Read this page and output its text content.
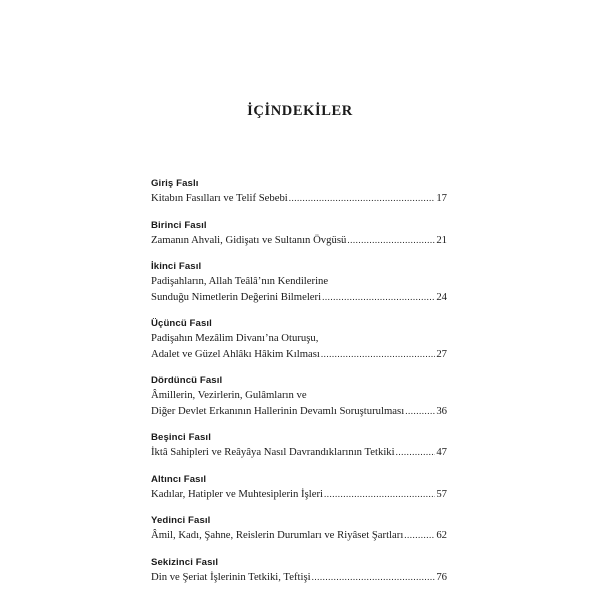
İÇİNDEKİLER
Giriş Faslı
Kitabın Fasılları ve Telif Sebebi .....	17
Birinci Fasıl
Zamanın Ahvali, Gidişatı ve Sultanın Övgüsü .....	21
İkinci Fasıl
Padişahların, Allah Teâlâ’nın Kendilerine
Sunduğu Nimetlerin Değerini Bilmeleri .....	24
Üçüncü Fasıl
Padişahın Mezâlim Divanı’na Oturuşu,
Adalet ve Güzel Ahlâkı Hâkim Kılması .....	27
Dördüncü Fasıl
Âmillerin, Vezirlerin, Gulâmların ve
Diğer Devlet Erkanının Hallerinin Devamlı Soruşturulması .....	36
Beşinci Fasıl
İktâ Sahipleri ve Reâyâya Nasıl Davrandıklarının Tetkiki .....	47
Altıncı Fasıl
Kadılar, Hatipler ve Muhtesiplerin İşleri .....	57
Yedinci Fasıl
Âmil, Kadı, Şahne, Reislerin Durumları ve Riyâset Şartları .....	62
Sekizinci Fasıl
Din ve Şeriat İşlerinin Tetkiki, Teftişi .....	76
